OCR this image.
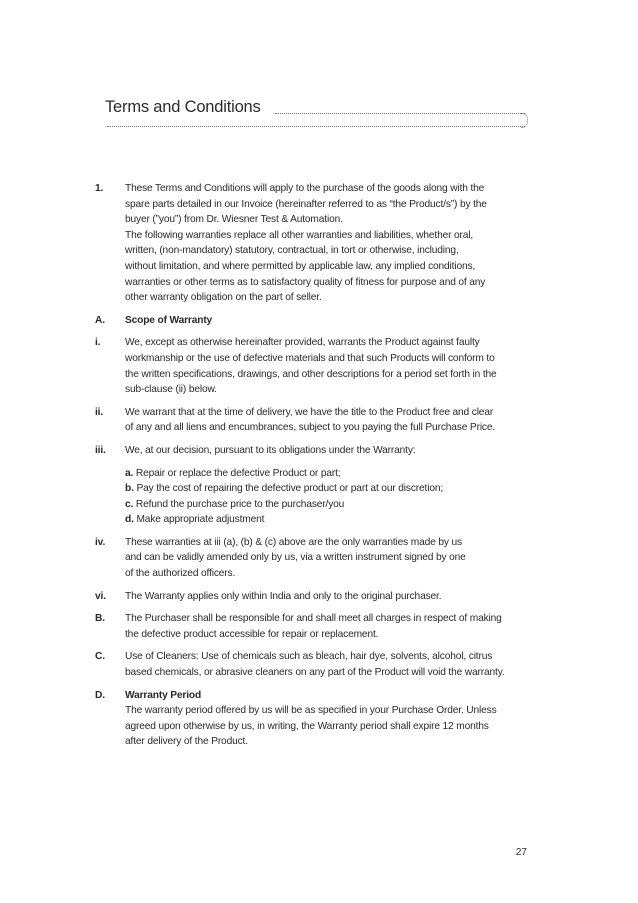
Terms and Conditions
1.	These Terms and Conditions will apply to the purchase of the goods along with the
spare parts detailed in our Invoice (hereinafter referred to as “the Product/s”) by the
buyer (”you”) from Dr. Wiesner Test & Automation.
The following warranties replace all other warranties and liabilities, whether oral,
written, (non-mandatory) statutory, contractual, in tort or otherwise, including,
without limitation, and where permitted by applicable law, any implied conditions,
warranties or other terms as to satisfactory quality of fitness for purpose and of any
other warranty obligation on the part of seller.
A.	Scope of Warranty
i.	We, except as otherwise hereinafter provided, warrants the Product against faulty
workmanship or the use of defective materials and that such Products will conform to
the written specifications, drawings, and other descriptions for a period set forth in the
sub-clause (ii) below.
ii.	We warrant that at the time of delivery, we have the title to the Product free and clear
of any and all liens and encumbrances, subject to you paying the full Purchase Price.
iii.	We, at our decision, pursuant to its obligations under the Warranty:
a. Repair or replace the defective Product or part;
b. Pay the cost of repairing the defective product or part at our discretion;
c. Refund the purchase price to the purchaser/you
d. Make appropriate adjustment
iv.	These warranties at iii (a), (b) & (c) above are the only warranties made by us
and can be validly amended only by us, via a written instrument signed by one
of the authorized officers.
vi.	The Warranty applies only within India and only to the original purchaser.
B.	The Purchaser shall be responsible for and shall meet all charges in respect of making
the defective product accessible for repair or replacement.
C.	Use of Cleaners: Use of chemicals such as bleach, hair dye, solvents, alcohol, citrus
based chemicals, or abrasive cleaners on any part of the Product will void the warranty.
D.	Warranty Period
The warranty period offered by us will be as specified in your Purchase Order. Unless
agreed upon otherwise by us, in writing, the Warranty period shall expire 12 months
after delivery of the Product.
27
